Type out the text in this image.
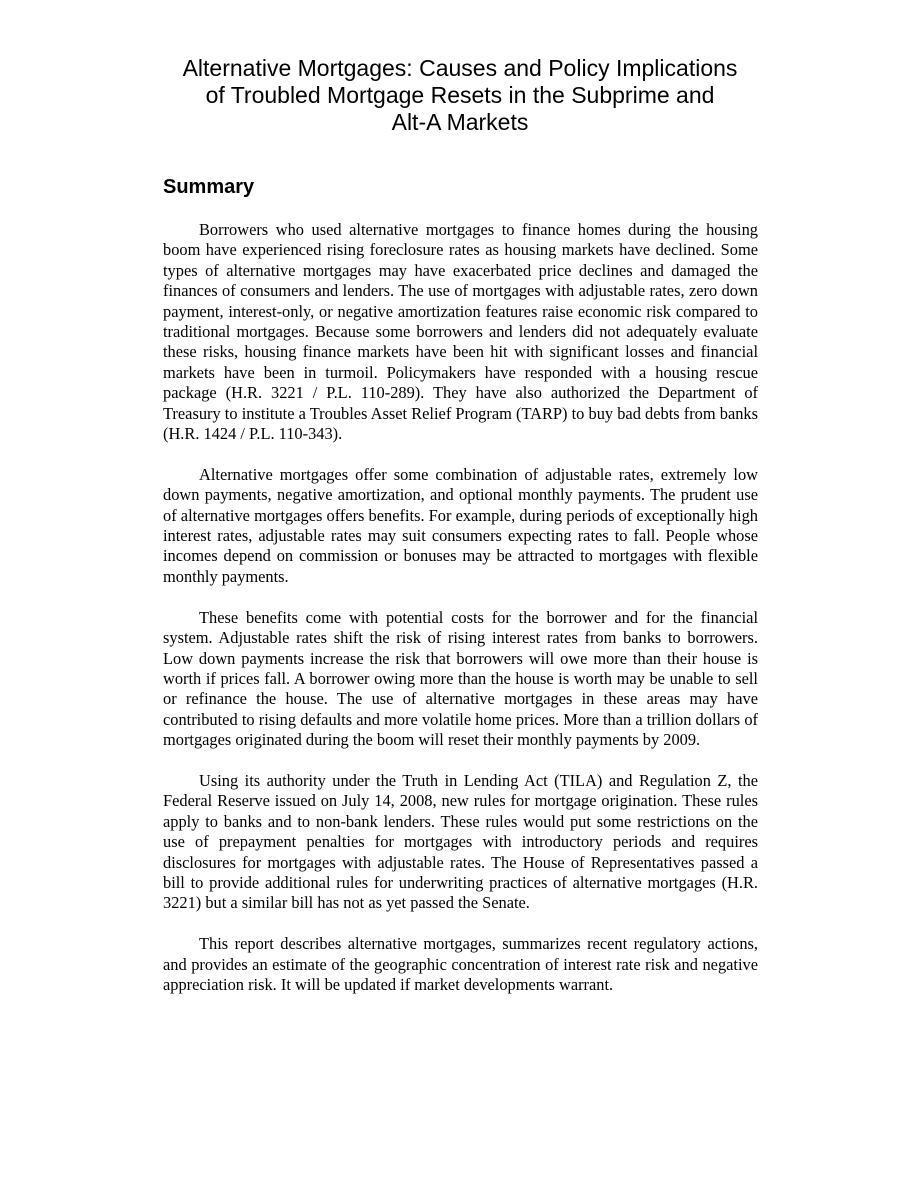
Alternative Mortgages: Causes and Policy Implications
of Troubled Mortgage Resets in the Subprime and
Alt-A Markets
Summary

Borrowers who used alternative mortgages to finance homes during the housing boom have experienced rising foreclosure rates as housing markets have declined. Some types of alternative mortgages may have exacerbated price declines and damaged the finances of consumers and lenders. The use of mortgages with adjustable rates, zero down payment, interest-only, or negative amortization features raise economic risk compared to traditional mortgages. Because some borrowers and lenders did not adequately evaluate these risks, housing finance markets have been hit with significant losses and financial markets have been in turmoil. Policymakers have responded with a housing rescue package (H.R. 3221 / P.L. 110-289). They have also authorized the Department of Treasury to institute a Troubles Asset Relief Program (TARP) to buy bad debts from banks (H.R. 1424 / P.L. 110-343).

Alternative mortgages offer some combination of adjustable rates, extremely low down payments, negative amortization, and optional monthly payments. The prudent use of alternative mortgages offers benefits. For example, during periods of exceptionally high interest rates, adjustable rates may suit consumers expecting rates to fall. People whose incomes depend on commission or bonuses may be attracted to mortgages with flexible monthly payments.

These benefits come with potential costs for the borrower and for the financial system. Adjustable rates shift the risk of rising interest rates from banks to borrowers. Low down payments increase the risk that borrowers will owe more than their house is worth if prices fall. A borrower owing more than the house is worth may be unable to sell or refinance the house. The use of alternative mortgages in these areas may have contributed to rising defaults and more volatile home prices. More than a trillion dollars of mortgages originated during the boom will reset their monthly payments by 2009.

Using its authority under the Truth in Lending Act (TILA) and Regulation Z, the Federal Reserve issued on July 14, 2008, new rules for mortgage origination. These rules apply to banks and to non-bank lenders. These rules would put some restrictions on the use of prepayment penalties for mortgages with introductory periods and requires disclosures for mortgages with adjustable rates. The House of Representatives passed a bill to provide additional rules for underwriting practices of alternative mortgages (H.R. 3221) but a similar bill has not as yet passed the Senate.

This report describes alternative mortgages, summarizes recent regulatory actions, and provides an estimate of the geographic concentration of interest rate risk and negative appreciation risk. It will be updated if market developments warrant.
